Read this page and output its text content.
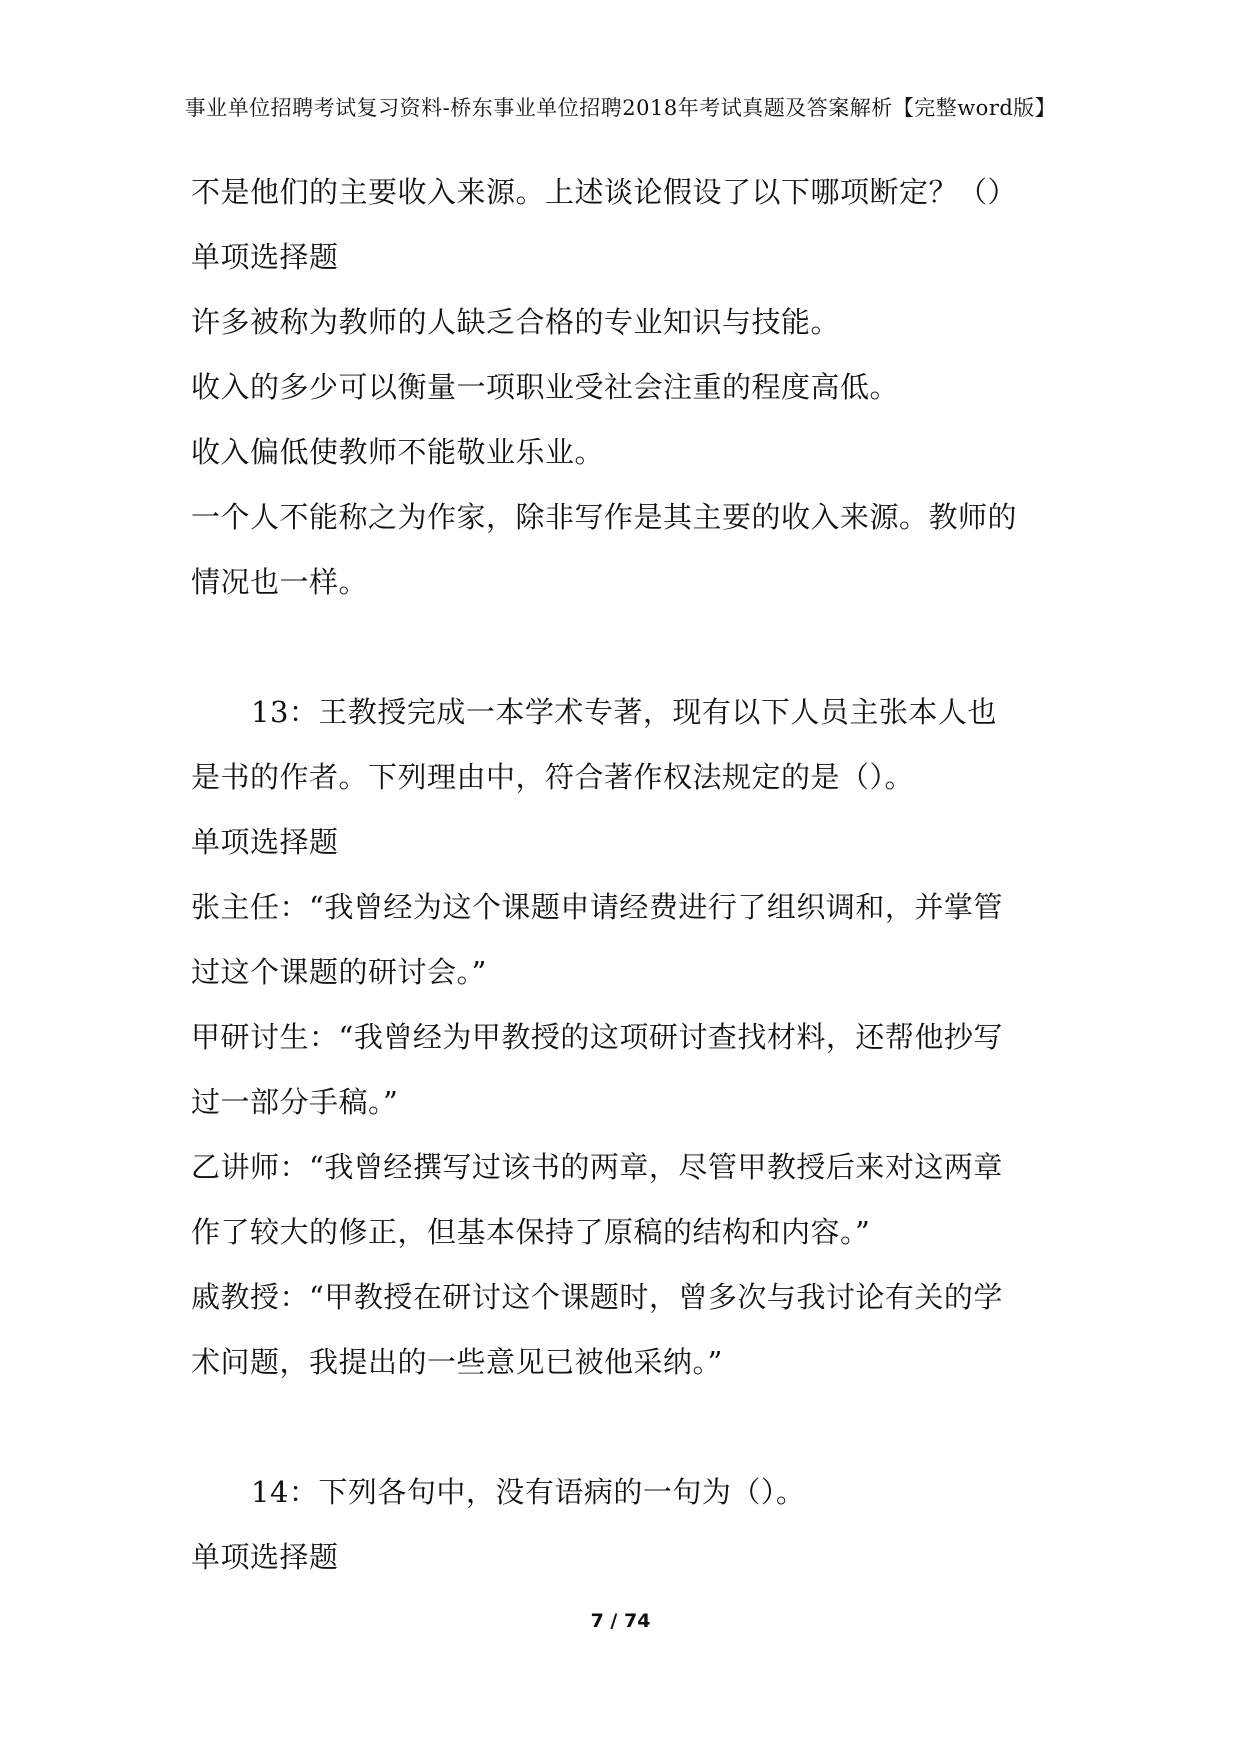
事业单位招聘考试复习资料-桥东事业单位招聘2018年考试真题及答案解析【完整word版】
不是他们的主要收入来源。上述谈论假设了以下哪项断定？（）
单项选择题
许多被称为教师的人缺乏合格的专业知识与技能。
收入的多少可以衡量一项职业受社会注重的程度高低。
收入偏低使教师不能敬业乐业。
一个人不能称之为作家，除非写作是其主要的收入来源。教师的
情况也一样。
13：王教授完成一本学术专著，现有以下人员主张本人也
是书的作者。下列理由中，符合著作权法规定的是（）。
单项选择题
张主任：“我曾经为这个课题申请经费进行了组织调和，并掌管
过这个课题的研讨会。”
甲研讨生：“我曾经为甲教授的这项研讨查找材料，还帮他抄写
过一部分手稿。”
乙讲师：“我曾经撰写过该书的两章，尽管甲教授后来对这两章
作了较大的修正，但基本保持了原稿的结构和内容。”
戚教授：“甲教授在研讨这个课题时，曾多次与我讨论有关的学
术问题，我提出的一些意见已被他采纳。”
14：下列各句中，没有语病的一句为（）。
单项选择题
7 / 74
